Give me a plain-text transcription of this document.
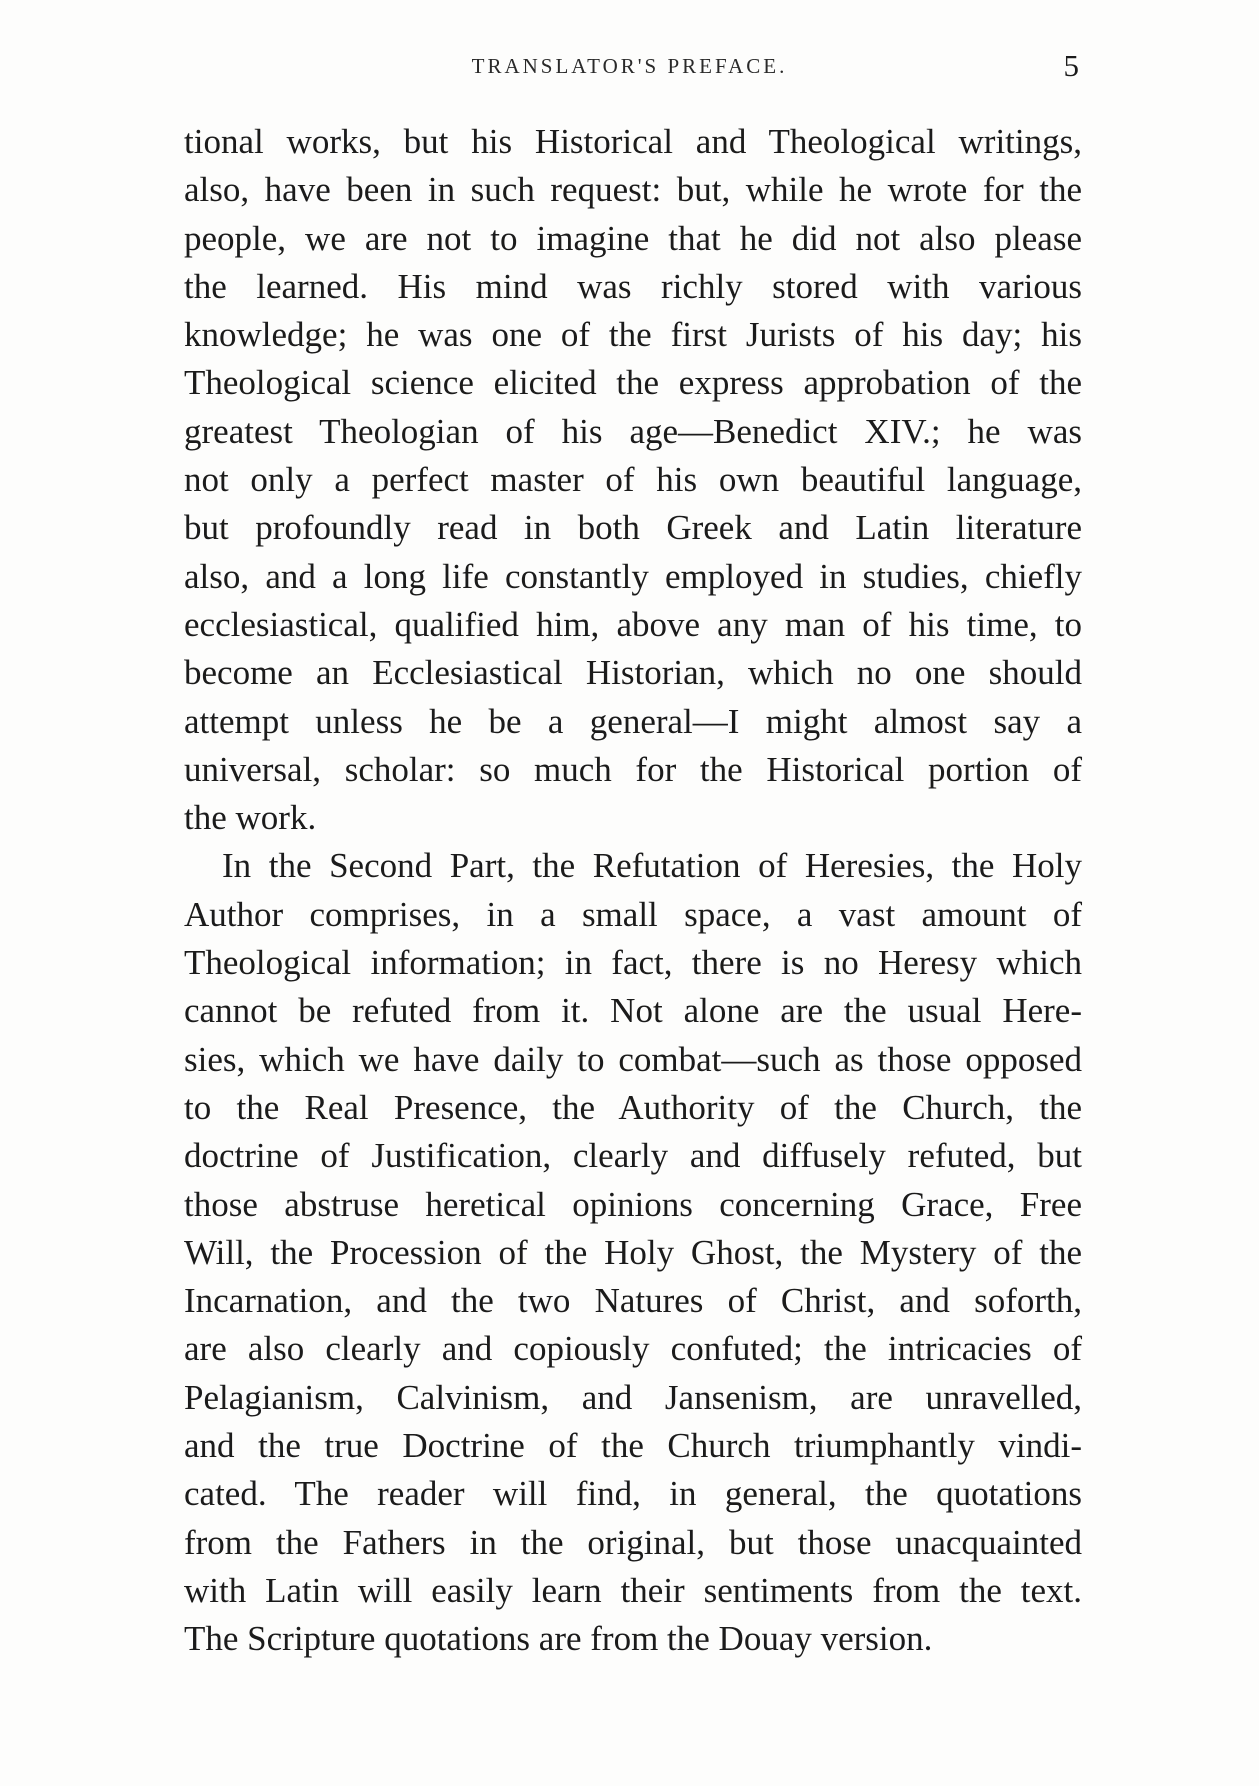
TRANSLATOR'S PREFACE.	5
tional works, but his Historical and Theological writings,
also, have been in such request: but, while he wrote for the
people, we are not to imagine that he did not also please
the learned. His mind was richly stored with various
knowledge; he was one of the first Jurists of his day; his
Theological science elicited the express approbation of the
greatest Theologian of his age—Benedict XIV.; he was
not only a perfect master of his own beautiful language,
but profoundly read in both Greek and Latin literature
also, and a long life constantly employed in studies, chiefly
ecclesiastical, qualified him, above any man of his time, to
become an Ecclesiastical Historian, which no one should
attempt unless he be a general—I might almost say a
universal, scholar: so much for the Historical portion of
the work.
In the Second Part, the Refutation of Heresies, the Holy
Author comprises, in a small space, a vast amount of
Theological information; in fact, there is no Heresy which
cannot be refuted from it. Not alone are the usual Here-
sies, which we have daily to combat—such as those opposed
to the Real Presence, the Authority of the Church, the
doctrine of Justification, clearly and diffusely refuted, but
those abstruse heretical opinions concerning Grace, Free
Will, the Procession of the Holy Ghost, the Mystery of the
Incarnation, and the two Natures of Christ, and soforth,
are also clearly and copiously confuted; the intricacies of
Pelagianism, Calvinism, and Jansenism, are unravelled,
and the true Doctrine of the Church triumphantly vindi-
cated. The reader will find, in general, the quotations
from the Fathers in the original, but those unacquainted
with Latin will easily learn their sentiments from the text.
The Scripture quotations are from the Douay version.
